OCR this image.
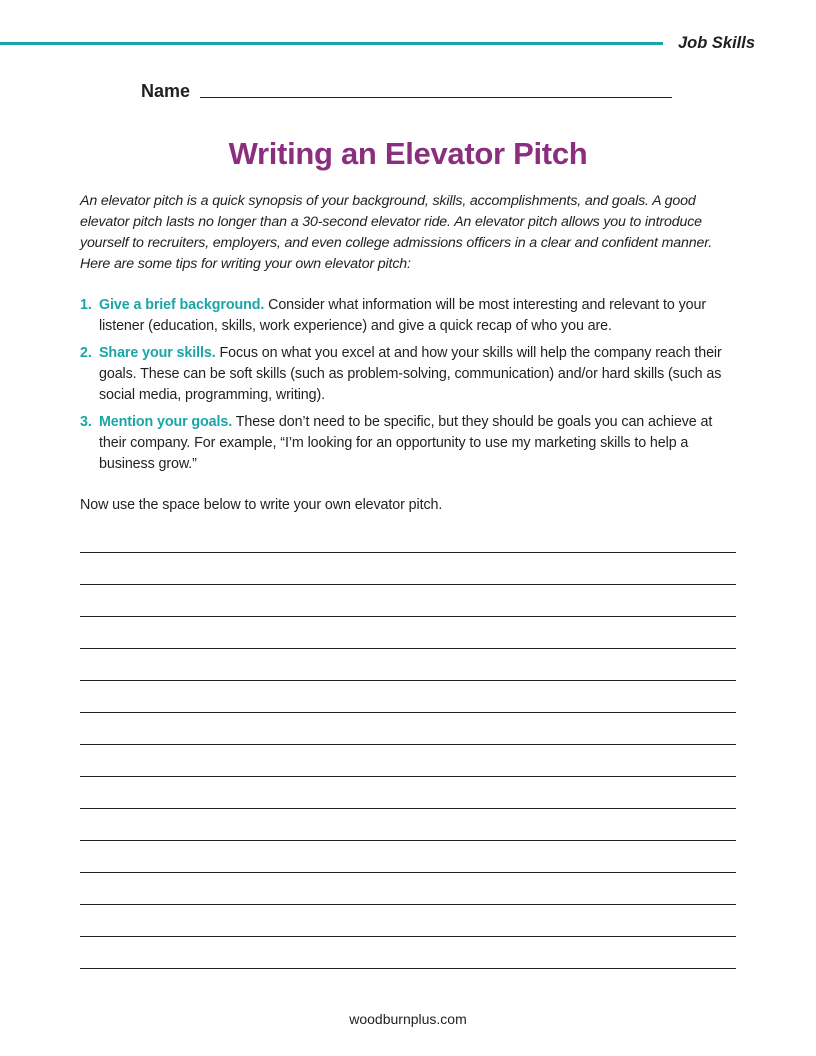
Job Skills
Name
Writing an Elevator Pitch
An elevator pitch is a quick synopsis of your background, skills, accomplishments, and goals. A good elevator pitch lasts no longer than a 30-second elevator ride. An elevator pitch allows you to introduce yourself to recruiters, employers, and even college admissions officers in a clear and confident manner. Here are some tips for writing your own elevator pitch:
1. Give a brief background. Consider what information will be most interesting and relevant to your listener (education, skills, work experience) and give a quick recap of who you are.
2. Share your skills. Focus on what you excel at and how your skills will help the company reach their goals. These can be soft skills (such as problem-solving, communication) and/or hard skills (such as social media, programming, writing).
3. Mention your goals. These don’t need to be specific, but they should be goals you can achieve at their company. For example, “I’m looking for an opportunity to use my marketing skills to help a business grow.”
Now use the space below to write your own elevator pitch.
woodburnplus.com
